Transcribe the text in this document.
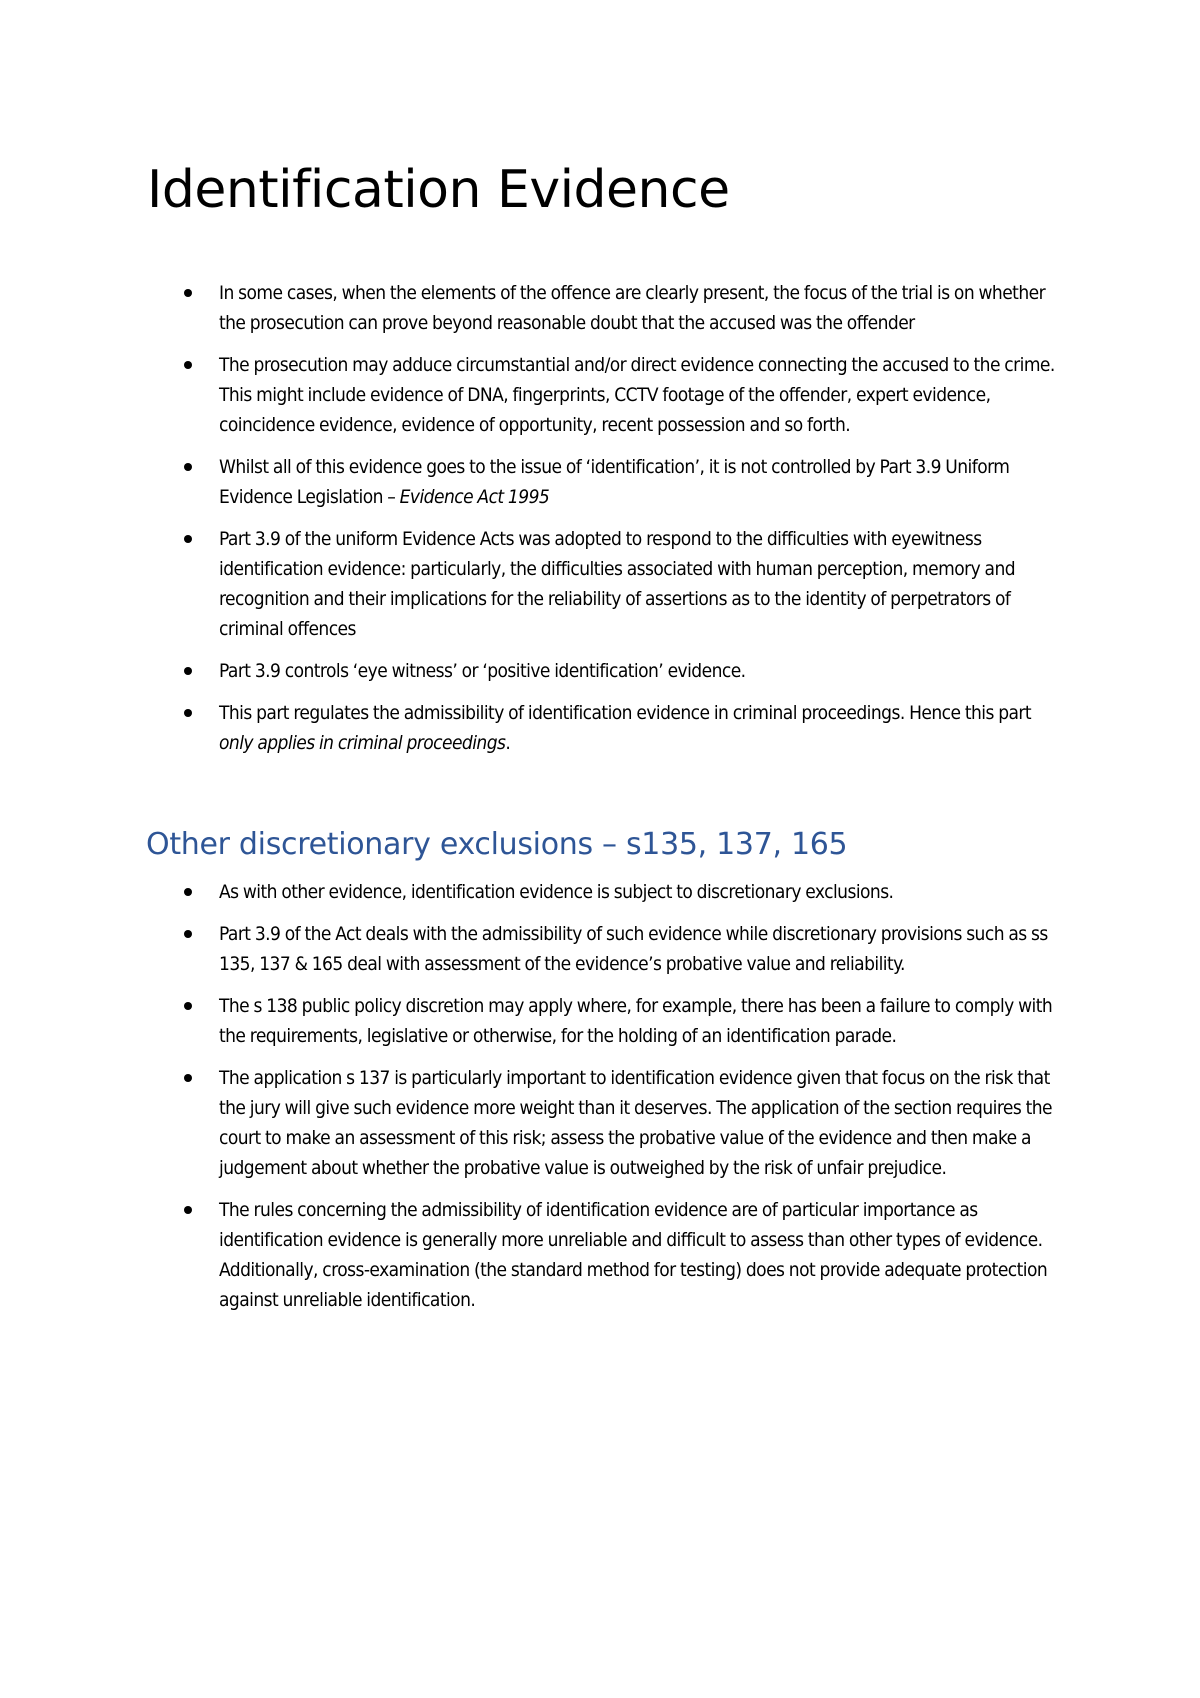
Identification Evidence
In some cases, when the elements of the offence are clearly present, the focus of the trial is on whether the prosecution can prove beyond reasonable doubt that the accused was the offender
The prosecution may adduce circumstantial and/or direct evidence connecting the accused to the crime. This might include evidence of DNA, fingerprints, CCTV footage of the offender, expert evidence, coincidence evidence, evidence of opportunity, recent possession and so forth.
Whilst all of this evidence goes to the issue of ‘identification’, it is not controlled by Part 3.9 Uniform Evidence Legislation – Evidence Act 1995
Part 3.9 of the uniform Evidence Acts was adopted to respond to the difficulties with eyewitness identification evidence: particularly, the difficulties associated with human perception, memory and recognition and their implications for the reliability of assertions as to the identity of perpetrators of criminal offences
Part 3.9 controls ‘eye witness’ or ‘positive identification’ evidence.
This part regulates the admissibility of identification evidence in criminal proceedings. Hence this part only applies in criminal proceedings.
Other discretionary exclusions – s135, 137, 165
As with other evidence, identification evidence is subject to discretionary exclusions.
Part 3.9 of the Act deals with the admissibility of such evidence while discretionary provisions such as ss 135, 137 & 165 deal with assessment of the evidence’s probative value and reliability.
The s 138 public policy discretion may apply where, for example, there has been a failure to comply with the requirements, legislative or otherwise, for the holding of an identification parade.
The application s 137 is particularly important to identification evidence given that focus on the risk that the jury will give such evidence more weight than it deserves. The application of the section requires the court to make an assessment of this risk; assess the probative value of the evidence and then make a judgement about whether the probative value is outweighed by the risk of unfair prejudice.
The rules concerning the admissibility of identification evidence are of particular importance as identification evidence is generally more unreliable and difficult to assess than other types of evidence. Additionally, cross-examination (the standard method for testing) does not provide adequate protection against unreliable identification.
